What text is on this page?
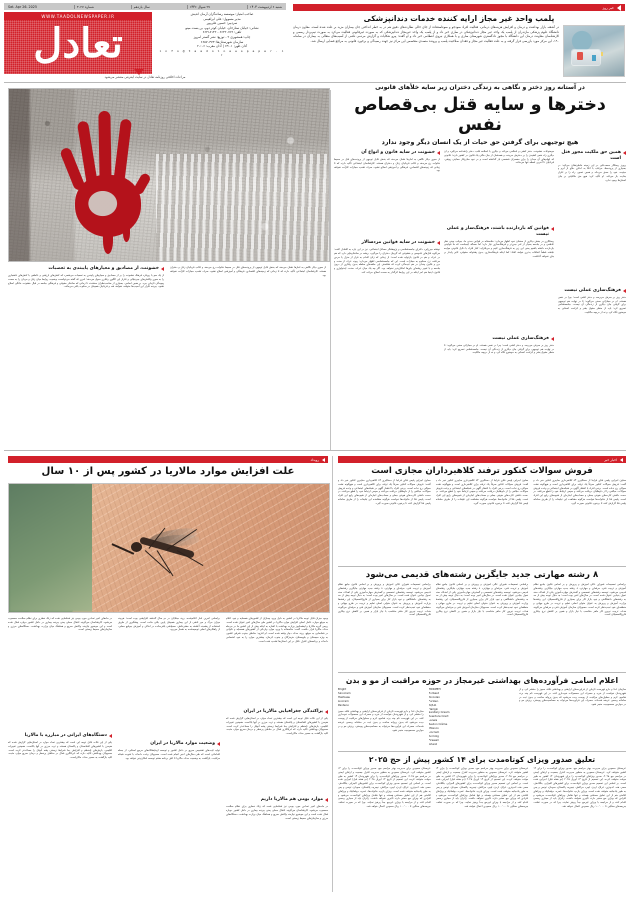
خبر روز
پلمب واحد غیر مجاز ارایه کننده خدمات دندانپزشکی
در آشفته بازار بهداشت و درمان و افزایش هزینه‌های درمانی، فعالیت افراد سودجو و سوءاستفاده از جای خالی نظارت‌های دقیق هم در به خطر انداختن جان بیماران مزید بر علت شده است. معاون درمان دانشگاه علوم پزشکی مازندران از پلمب یک واحد غیر مجاز دندانپزشکی در ساری خبر داد و از پلمب یک واحد غیرمجاز دندانپزشکی که به صورت غیرقانونی فعالیت می‌کرد به صورت تیم‌بردار رسمی و کارشناسان معاونت درمان این دانشگاه با مجوز دادگستری شهرستان ساری و با همکاری نیروی انتظامی خبر داد و او گفت: پیرو شکایات و گزارش مردمی ناشی از آسیب‌های متعالی به بیماران در سامانه ۱۹۰، این مرکز مورد بازرسی قرار گرفته و به علت فعالیت غیر مجاز و فقدان صلاحیت پلمب و پرونده متصدی متخصص این مرکز نیز جهت رسیدگی و برخورد قانونی به مراجع قضایی ارسال شد.
شنبه ۶ اردیبهشت ۱۴۰۴
۲۷ شوال ۱۴۴۶
سال یازدهم
شماره ۳۰۲۷
Sat. Apr 26. 2025
WWW.TAADOLNEWSPAPER.IR
تعادل
صاحب امتیاز: موسسه رسانه‌گران آرمان اندیش
مدیر مسوول: علی ابراهیمی
سردبیر: حسین علی‌پور
نشانی: خیابان ستارخان، خیابان کوثر دوم، بن بست مینو
تلفن: ۶۶۴۲۰۷۶۹ - ۶۶۴۱۸۱۴۲
چاپ: همشهری ۲ - توزیع: نشر گستر امروز
سازمان شهرستان‌ها: ۶۶۵۷۰۳۷۳
آذان ظهر: ۱۳:۰۱ | آذان مغرب: ۲۰:۰۶
i n f o @ t a a d o l n e w s p a p e r . i r
مراعات اخلاقی روزنامه تعادل در سایت اینترنتی منتشر می‌شود
در آستانه روز دختر و نگاهی به زندگی دختران زیر سایه خلأهای قانونی
دخترها و سایه قتل بی‌قصاص نفس
هیچ توجیهی برای گرفتن حق حیات از یک انسان دیگر وجود ندارد
همین حق ملکیت مجوز قتل است
پرویز رستگار محمدعلی در این زمینه خاطرنشان می‌کند: در بسیاری از پرونده‌ها، مرتکب با اتکا به ادعای دفاع از آبرو و حیثیت، خود را محق می‌داند و همین تصور، راه را بر تکرار جنایت باز می‌کند. او تأکید کرد: هیچ حق مالکیتی بر جان انسان‌ها وجود ندارد.
فرهنگ‌سازی عملی نیست
دختر روز بر سرش می‌رسد و دختر کشی است؛ چرا در نفس هستند. او در مجازاتی سخن می‌گوید: تا در نهایت هم توجیهی برای گرفتن جان دیگری از زنده‌گی آن نیست. جامعه‌شناس تصریح کرد: باید از منظر حقوق بشر و کرامت انسانی به موضوع نگاه کرد و نه از دریچه مالکیت.
موضوعات خشونت، دختر کشی و اسلامی می‌کند و دیگری با اسلامه قلب، دختر راشدامه می‌گیرد و آن دیگری راه نفس کشیدن را بر دخترش می‌بندد و همه‌شان از جان خالی یک قانون در کشور دارند؛ قانونی که ابهام‌های آن میدان را برای مفسران شخصی باز گذاشته است و در نبود سازوکار حمایتی روشن، قربانیان تا آخرین لحظه تنها می‌مانند.
قوانین که بازدارنده باشند، فرهنگ‌ساز و عملی نیست
رستگاری در بخش دیگری از سخنان خود اظهار می‌دارد: متأسفانه در قوانین مدنی ما، جوانب چینی نظر عاطفی و در جامعه بسیار از امر جدی‌تر و فرهنگ‌سازی نیاز دارد؛ اما مساله اینجاست که ما قوانینی بازدارنده داشته باشیم یعنی این زیر به فرهنگ‌سازی کنیم و می‌افزاید: کنار افراد با دلایل قانونی مواجه نباشند قطعاً اتفاقات بدتری خواهد افتاد؛ کما اینکه فرهنگ‌سازی، بدون پشتوانه حقوقی، تاثیر پایدار بر جای نخواهد گذاشت.
فرهنگ‌سازی عملی نیست
دختر روز بر سرش می‌رسد و دختر کشی است؛ چرا در نفس هستند. او در مجازاتی سخن می‌گوید: تا در نهایت هم توجیهی برای گرفتن جان دیگری از زنده‌گی آن نیست. جامعه‌شناس تصریح کرد: باید از منظر حقوق بشر و کرامت انسانی به موضوع نگاه کرد و نه از دریچه مالکیت.
خشونت در سایه قانون و انواع آن
از سوی دیگر نگاهی به آمارها نشان می‌دهد که بخش قابل توجهی از پرونده‌های قتل در محیط خانواده رخ می‌دهد و غالب قربانیان زنان و دختران هستند. کارشناسان اجتماعی تأکید دارند که تا زمانی که زمینه‌های اقتصادی، فرهنگی و آموزشی اصلاح نشود، صرف تشدید مجازات کارآمد نخواهد بود.
خشونت در سایه قوانین مردسالار
نوشته میرزایی، دکترای جامعه‌شناسی و پژوهشگر مسائل اجتماعی، نیز در این باره به التعادل گفت: می‌گوید قتل‌های ناموسی و خشونتی که گریبان دختران را می‌گیرد، ریشه در ساختارهایی دارد که هم در عرف و هم در قانون بازتولید شده است؛ از زمانی که زنان اقدام به فرار از منزل یا مردی می‌کنند، زن محکوم به مجازات است. این که جامعه‌شناسی اظهار می‌دارد: پیوند عرف از سنت و دین و قانون چندان در هم تنیده‌گی کرده که شکستن این حلقه‌های سلطه بدون رفتاری از درون جامعه و با تغییر ریشه‌ای باورها امکان‌پذیر نخواهد بود. اگر چه یک میان عرف، سنت، ایدئولوژی و قانون، اینجا هم امر اینکه در این روابط اثرگذار به سمت اصلاح حرکت کند.
از سوی دیگر نگاهی به آمارها نشان می‌دهد که بخش قابل توجهی از پرونده‌های قتل در محیط خانواده رخ می‌دهد و غالب قربانیان زنان و دختران هستند. کارشناسان اجتماعی تأکید دارند که تا زمانی که زمینه‌های اقتصادی، فرهنگی و آموزشی اصلاح نشود، صرف تشدید مجازات کارآمد نخواهد بود.
خشونت، از مصادیق و معیارهای پایبندی به تعصبات
از یک سو با رویکرد فرهنگ خشونت را بر از مصادیق و معیارهای پایبندی به تعصبات می‌شمرد که کنش‌های ارزشی و عاطفی با کنش‌های ناهنجاری را به سوی واکنش‌های جبرخیالی و تکرار این الگوی رفتاری سوق می‌دهد؛ امری که گفته می‌توانست وضعیت روابط میان زنان و مردان را به سمت پیچیدگی تازه‌ای ببرد. بر همین اساس، بسیاری از صاحب‌نظران معتقدند تا زمانی که ساختار حقوقی و فرهنگی جامعه در قبال خشونت خانگی اصلاح نشود، چرخه تکرار این آسیب‌ها متوقف نخواهد شد و قربانیان همچنان در سکوت باقی می‌مانند.
رویداد
علت افزایش موارد مالاریا در کشور پس از ۱۰ سال
وجود میزان قابل توجه مالاریا در کشور به دلیل ورود بیماران از کشورهای همسایه و نبود اعلام به موقع موارد، عامل اصلی افزایش موارد مالاریا در کشور طی سال‌های اخیر عنوان شده است. رییس گروه مالاریا و لیشمانیوز وزارت بهداشت با اشاره به اینکه پیش از این کشور ما در مرحله حذف مالاریا قرار داشت، گفت: متاسفانه با ورود موارد وارداتی از کشورهای همسایه و ناتوانی در شناسایی به موقع، روند حذف دچار وقفه شده است. او افزود: مناطق جنوب شرقی کشور، به ویژه سیستان و بلوچستان، هرمزگان و جنوب کرمان، بیشترین موارد را به خود اختصاص داده‌اند و برنامه‌های کنترل ناقل در این استان‌ها تشدید شده است.
پراکندگی جغرافیایی مالاریا در ایران
یکی از این نکات قابل توجه این است که بیشترین تعداد موارد در استان‌هایی گزارش شده که هم‌مرز با کشورهای افغانستان و پاکستان هستند و تردد مرزی در آنها بالاست. همچنین تغییرات اقلیمی، بارش‌های نامنظم و افزایش دما شرایط زیستی پشه آنوفل را مساعدتر کرده است. مسوولان بهداشتی تأکید دارند که غربالگری فعال در مناطق پرخطر و درمان سریع موارد مثبت، کلید بازگشت به مسیر حذف مالاریاست.
موارد بومی هم مالاریا داریم
در ماه‌های اخیر تعدادی مورد بومی نیز شناسایی شده که زنگ خطری برای نظام سلامت محسوب می‌شود. کارشناسان می‌گویند انتقال محلی یعنی چرخه بیماری در داخل کشور دوباره فعال شده است و این موضوع نیازمند واکنش سریع و هماهنگ میان وزارت بهداشت، دستگاه‌های مرزی و سازمان‌های محیط زیستی است.
براساس آخرین آمار اعلام‌شده، روند مبتلایان در دو سال گذشته افزایشی بوده است؛ هرچند میزان مرگ و میر ناشی از این بیماری همچنان پایین باقی مانده است. پیشگیری از طریق استفاده از پشه‌بند آغشته به حشره‌کش، سمپاشی باقی‌مانده در اماکن و آموزش جوامع محلی، از راهکارهای اصلی توصیه‌شده به شمار می‌رود.
وضعیت موارد مالاریا در ایران
تولید کیت‌های تشخیص سریع در داخل کشور و توسعه آزمایشگاه‌های مرجع استانی، از جمله اقداماتی است که طی سال‌های اخیر انجام شده است. مسوولان وعده داده‌اند با تقویت شبکه مراقبت، بازگشت به وضعیت حذف مالاریا تا افق برنامه هفتم توسعه امکان‌پذیر خواهد بود.
در ماه‌های اخیر تعدادی مورد بومی نیز شناسایی شده که زنگ خطری برای نظام سلامت محسوب می‌شود. کارشناسان می‌گویند انتقال محلی یعنی چرخه بیماری در داخل کشور دوباره فعال شده است و این موضوع نیازمند واکنش سریع و هماهنگ میان وزارت بهداشت، دستگاه‌های مرزی و سازمان‌های محیط زیستی است.
دستگاه‌های ایرانی در مبارزه با مالاریا
یکی از این نکات قابل توجه این است که بیشترین تعداد موارد در استان‌هایی گزارش شده که هم‌مرز با کشورهای افغانستان و پاکستان هستند و تردد مرزی در آنها بالاست. همچنین تغییرات اقلیمی، بارش‌های نامنظم و افزایش دما شرایط زیستی پشه آنوفل را مساعدتر کرده است. مسوولان بهداشتی تأکید دارند که غربالگری فعال در مناطق پرخطر و درمان سریع موارد مثبت، کلید بازگشت به مسیر حذف مالاریاست.
اخبار خبر
فروش سوالات کنکور ترفند کلاهبرداران مجازی است
معاون اجرایی پلیس فتای فراجا از دستگیری ۸۴ کلاهبرداری سایبری کنکور خبر داد و گفت: فروش سوالات کنکور صرفاً یک ترفند برای کلاهبرداری است و هیچ‌گونه نشت سوالی رخ نداده است. برخی افراد با انتشار آگهی در شبکه‌های اجتماعی و وعده فروش سوالات، مبالغی را از داوطلبان دریافت می‌کنند و سپس ارتباط خود را قطع می‌کنند. در دست داشتن کارت‌های هویتی جعلی و حساب‌های اجاره‌ای از شیوه‌های رایج این افراد است. پلیس فتا از خانواده‌ها خواست هرگونه مشاهده این تبلیغات را از طریق سامانه پلیس فتا گزارش کنند تا برخورد قانونی صورت گیرد.
معاون اجرایی پلیس فتای فراجا از دستگیری ۸۴ کلاهبرداری سایبری کنکور خبر داد و گفت: فروش سوالات کنکور صرفاً یک ترفند برای کلاهبرداری است و هیچ‌گونه نشت سوالی رخ نداده است. برخی افراد با انتشار آگهی در شبکه‌های اجتماعی و وعده فروش سوالات، مبالغی را از داوطلبان دریافت می‌کنند و سپس ارتباط خود را قطع می‌کنند. در دست داشتن کارت‌های هویتی جعلی و حساب‌های اجاره‌ای از شیوه‌های رایج این افراد است. پلیس فتا از خانواده‌ها خواست هرگونه مشاهده این تبلیغات را از طریق سامانه پلیس فتا گزارش کنند تا برخورد قانونی صورت گیرد.
معاون اجرایی پلیس فتای فراجا از دستگیری ۸۴ کلاهبرداری سایبری کنکور خبر داد و گفت: فروش سوالات کنکور صرفاً یک ترفند برای کلاهبرداری است و هیچ‌گونه نشت سوالی رخ نداده است. برخی افراد با انتشار آگهی در شبکه‌های اجتماعی و وعده فروش سوالات، مبالغی را از داوطلبان دریافت می‌کنند و سپس ارتباط خود را قطع می‌کنند. در دست داشتن کارت‌های هویتی جعلی و حساب‌های اجاره‌ای از شیوه‌های رایج این افراد است. پلیس فتا از خانواده‌ها خواست هرگونه مشاهده این تبلیغات را از طریق سامانه پلیس فتا گزارش کنند تا برخورد قانونی صورت گیرد.
۸ رشته مهارتی جدید جایگزین رشته‌های قدیمی می‌شود
براساس تصمیمات شورای عالی آموزش و پرورش و بر اساس قانون جامع نظام آموزش و تربیت فنی، حرفه‌ای و مهارتی، ۸ رشته جدید مهارتی جایگزین رشته‌های قدیمی می‌شود. توسعه رشته‌های تخصصی و گسترش مهارت‌آموزی یکی از اهداف سند تحول بنیادین عنوان شده است. در سال‌های اخیر بوده است؛ به دنبال توجه بیش از حد به رشته‌های دانشگاهی و نبود بازار کار برای بسیاری از فارغ‌التحصیلان، این رشته‌ها وزارت آموزش و پرورش به عنوان متولی اصلی تعلیم و تربیت در طرح جهانی و منطقه‌ای خود تجدیدنظر کرده است. مسوولان سازمان آموزش فنی و حرفه‌ای می‌گویند هدف، تربیت نیروی کار ماهر متناسب با نیاز بازار و همین بر کاهش نرخ بیکاری فارغ‌التحصیلان است.
براساس تصمیمات شورای عالی آموزش و پرورش و بر اساس قانون جامع نظام آموزش و تربیت فنی، حرفه‌ای و مهارتی، ۸ رشته جدید مهارتی جایگزین رشته‌های قدیمی می‌شود. توسعه رشته‌های تخصصی و گسترش مهارت‌آموزی یکی از اهداف سند تحول بنیادین عنوان شده است. در سال‌های اخیر بوده است؛ به دنبال توجه بیش از حد به رشته‌های دانشگاهی و نبود بازار کار برای بسیاری از فارغ‌التحصیلان، این رشته‌ها وزارت آموزش و پرورش به عنوان متولی اصلی تعلیم و تربیت در طرح جهانی و منطقه‌ای خود تجدیدنظر کرده است. مسوولان سازمان آموزش فنی و حرفه‌ای می‌گویند هدف، تربیت نیروی کار ماهر متناسب با نیاز بازار و همین بر کاهش نرخ بیکاری فارغ‌التحصیلان است.
براساس تصمیمات شورای عالی آموزش و پرورش و بر اساس قانون جامع نظام آموزش و تربیت فنی، حرفه‌ای و مهارتی، ۸ رشته جدید مهارتی جایگزین رشته‌های قدیمی می‌شود. توسعه رشته‌های تخصصی و گسترش مهارت‌آموزی یکی از اهداف سند تحول بنیادین عنوان شده است. در سال‌های اخیر بوده است؛ به دنبال توجه بیش از حد به رشته‌های دانشگاهی و نبود بازار کار برای بسیاری از فارغ‌التحصیلان، این رشته‌ها وزارت آموزش و پرورش به عنوان متولی اصلی تعلیم و تربیت در طرح جهانی و منطقه‌ای خود تجدیدنظر کرده است. مسوولان سازمان آموزش فنی و حرفه‌ای می‌گویند هدف، تربیت نیروی کار ماهر متناسب با نیاز بازار و همین بر کاهش نرخ بیکاری فارغ‌التحصیلان است.
اعلام اسامی فرآورده‌های بهداشتی غیرمجاز در حوزه مراقبت از مو و بدن
سازمان غذا و دارو فهرست تازه‌ای از فرآورده‌های آرایشی و بهداشتی فاقد مجوز را منتشر کرد و از شهروندان خواست از خرید و مصرف این محصولات خودداری کنند. در این فهرست نام چند برند شامپو، کرم و محلول‌های مراقبت از پوست دیده می‌شود که بدون پروانه ساخت و بدون ثبت در سامانه رسمی عرضه شده‌اند. مصرف این فرآورده‌ها می‌تواند به حساسیت‌های پوستی، ریزش مو و در مواردی مسمومیت منجر شود.
TRIKMEH
Evrbest
Alcoolax
Furizen
AQUA
Hairgin
Sanitary Cream
Aventure Crect
Laneis
Revlon Crème
Milanco
Liocrem
Anmolg
Firewall
Ghanil
Bright
Sinocrem
Hairbeau
Liocram
Panteno
سازمان غذا و دارو فهرست تازه‌ای از فرآورده‌های آرایشی و بهداشتی فاقد مجوز را منتشر کرد و از شهروندان خواست از خرید و مصرف این محصولات خودداری کنند. در این فهرست نام چند برند شامپو، کرم و محلول‌های مراقبت از پوست دیده می‌شود که بدون پروانه ساخت و بدون ثبت در سامانه رسمی عرضه شده‌اند. مصرف این فرآورده‌ها می‌تواند به حساسیت‌های پوستی، ریزش مو و در مواردی مسمومیت منجر شود.
تعلیق صدور ویزای کوتاه‌مدت برای ۱۴ کشور پیش از حج ۲۰۲۵
عربستان سعودی برای مدیریت بهتر مراسم حج، صدور ویزای کوتاه‌مدت را برای ۱۴ کشور متوقف کرد. عربستان سعودی به منظور مدیریت کنترل جمعیت و ارتقای ایمنی در مراسم حج ۲۰۲۵، صدور ویزاهای کوتاه‌مدت را برای شهروندان ۱۴ کشور به طور موقت متوقف کرده، این تصمیم از تاریخ ۱۳ آوریل ۲۰۲۵ (دو هفته قبل) اجرایی شده است. بر اساس این تصمیم صدور ویزای کوتاه‌مدت برای کشورهای الجزایر، بنگلادش، مصر، هند، اندونزی، عراق، اردن، لیبی، مراکش، نیجریه، پاکستان، سودان، تونس و یمن به طور یک‌جانبه متوقف شده است. ویزای بازدید خانواده‌ها، عمره، دیپلماتیک و ویزاهای اقامتی هم از این تعلیق مستثنی هستند و تنها شامل ویزاهای کوتاه‌مدت می‌شود و افرادی که ویزای حج معتبر دارند تأثیری نخواهد داشت. زائران باید از مجاری رسمی اقدام کنند و از مراجعه با ویزای غیرحج جداً پرهیز نمایند، چرا که در صورت تخلف، جریمه‌های سنگین تا ۱۰۰٬۰۰۰ ریال سعودی اعمال خواهد شد.
عربستان سعودی برای مدیریت بهتر مراسم حج، صدور ویزای کوتاه‌مدت را برای ۱۴ کشور متوقف کرد. عربستان سعودی به منظور مدیریت کنترل جمعیت و ارتقای ایمنی در مراسم حج ۲۰۲۵، صدور ویزاهای کوتاه‌مدت را برای شهروندان ۱۴ کشور به طور موقت متوقف کرده، این تصمیم از تاریخ ۱۳ آوریل ۲۰۲۵ (دو هفته قبل) اجرایی شده است. بر اساس این تصمیم صدور ویزای کوتاه‌مدت برای کشورهای الجزایر، بنگلادش، مصر، هند، اندونزی، عراق، اردن، لیبی، مراکش، نیجریه، پاکستان، سودان، تونس و یمن به طور یک‌جانبه متوقف شده است. ویزای بازدید خانواده‌ها، عمره، دیپلماتیک و ویزاهای اقامتی هم از این تعلیق مستثنی هستند و تنها شامل ویزاهای کوتاه‌مدت می‌شود و افرادی که ویزای حج معتبر دارند تأثیری نخواهد داشت. زائران باید از مجاری رسمی اقدام کنند و از مراجعه با ویزای غیرحج جداً پرهیز نمایند، چرا که در صورت تخلف، جریمه‌های سنگین تا ۱۰۰٬۰۰۰ ریال سعودی اعمال خواهد شد.
عربستان سعودی برای مدیریت بهتر مراسم حج، صدور ویزای کوتاه‌مدت را برای ۱۴ کشور متوقف کرد. عربستان سعودی به منظور مدیریت کنترل جمعیت و ارتقای ایمنی در مراسم حج ۲۰۲۵، صدور ویزاهای کوتاه‌مدت را برای شهروندان ۱۴ کشور به طور موقت متوقف کرده، این تصمیم از تاریخ ۱۳ آوریل ۲۰۲۵ (دو هفته قبل) اجرایی شده است. بر اساس این تصمیم صدور ویزای کوتاه‌مدت برای کشورهای الجزایر، بنگلادش، مصر، هند، اندونزی، عراق، اردن، لیبی، مراکش، نیجریه، پاکستان، سودان، تونس و یمن به طور یک‌جانبه متوقف شده است. ویزای بازدید خانواده‌ها، عمره، دیپلماتیک و ویزاهای اقامتی هم از این تعلیق مستثنی هستند و تنها شامل ویزاهای کوتاه‌مدت می‌شود و افرادی که ویزای حج معتبر دارند تأثیری نخواهد داشت. زائران باید از مجاری رسمی اقدام کنند و از مراجعه با ویزای غیرحج جداً پرهیز نمایند، چرا که در صورت تخلف، جریمه‌های سنگین تا ۱۰۰٬۰۰۰ ریال سعودی اعمال خواهد شد.
